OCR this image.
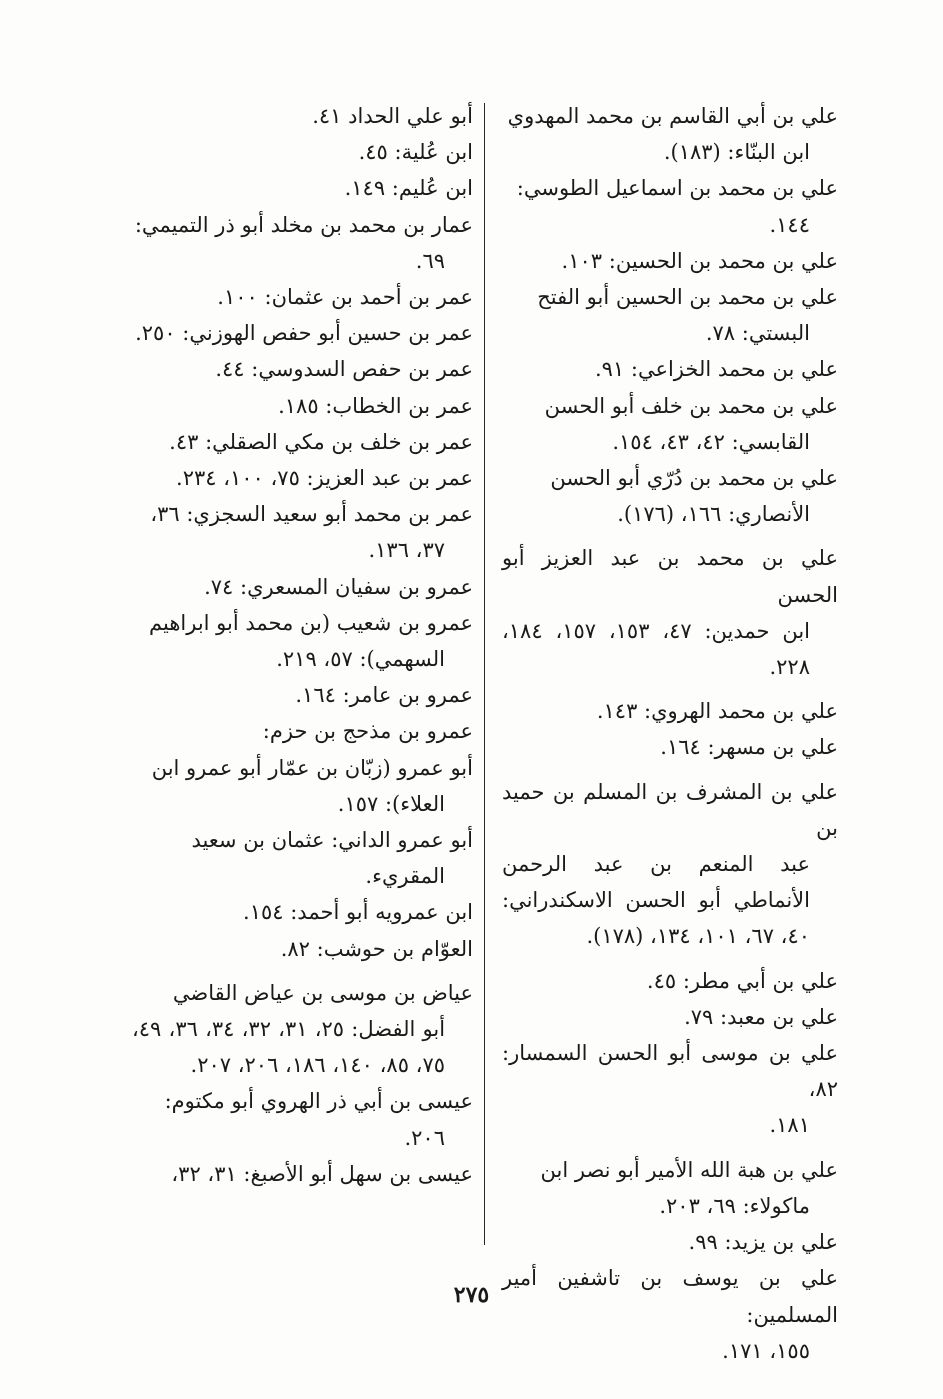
علي بن أبي القاسم بن محمد المهدوي
ابن البنّاء: (١٨٣).
علي بن محمد بن اسماعيل الطوسي:
١٤٤.
علي بن محمد بن الحسين: ١٠٣.
علي بن محمد بن الحسين أبو الفتح
البستي: ٧٨.
علي بن محمد الخزاعي: ٩١.
علي بن محمد بن خلف أبو الحسن
القابسي: ٤٢، ٤٣، ١٥٤.
علي بن محمد بن دُرّي أبو الحسن
الأنصاري: ١٦٦، (١٧٦).
علي بن محمد بن عبد العزيز أبو الحسن
ابن حمدين: ٤٧، ١٥٣، ١٥٧، ١٨٤، ٢٢٨.
علي بن محمد الهروي: ١٤٣.
علي بن مسهر: ١٦٤.
علي بن المشرف بن المسلم بن حميد بن
عبد المنعم بن عبد الرحمن الأنماطي أبو الحسن الاسكندراني: ٤٠، ٦٧، ١٠١، ١٣٤، (١٧٨).
علي بن أبي مطر: ٤٥.
علي بن معبد: ٧٩.
علي بن موسى أبو الحسن السمسار: ٨٢،
١٨١.
علي بن هبة الله الأمير أبو نصر ابن
ماكولاء: ٦٩، ٢٠٣.
علي بن يزيد: ٩٩.
علي بن يوسف بن تاشفين أمير المسلمين:
١٥٥، ١٧١.
أبو علي الحداد ٤١.
ابن عُلية: ٤٥.
ابن عُليم: ١٤٩.
عمار بن محمد بن مخلد أبو ذر التميمي:
٦٩.
عمر بن أحمد بن عثمان: ١٠٠.
عمر بن حسين أبو حفص الهوزني: ٢٥٠.
عمر بن حفص السدوسي: ٤٤.
عمر بن الخطاب: ١٨٥.
عمر بن خلف بن مكي الصقلي: ٤٣.
عمر بن عبد العزيز: ٧٥، ١٠٠، ٢٣٤.
عمر بن محمد أبو سعيد السجزي: ٣٦،
٣٧، ١٣٦.
عمرو بن سفيان المسعري: ٧٤.
عمرو بن شعيب (بن محمد أبو ابراهيم
السهمي): ٥٧، ٢١٩.
عمرو بن عامر: ١٦٤.
عمرو بن مذحج بن حزم:
أبو عمرو (زبّان بن عمّار أبو عمرو ابن
العلاء): ١٥٧.
أبو عمرو الداني: عثمان بن سعيد
المقريء.
ابن عمرويه أبو أحمد: ١٥٤.
العوّام بن حوشب: ٨٢.
عياض بن موسى بن عياض القاضي
أبو الفضل: ٢٥، ٣١، ٣٢، ٣٤، ٣٦، ٤٩، ٧٥، ٨٥، ١٤٠، ١٨٦، ٢٠٦، ٢٠٧.
عيسى بن أبي ذر الهروي أبو مكتوم:
٢٠٦.
عيسى بن سهل أبو الأصبغ: ٣١، ٣٢،
٢٧٥
